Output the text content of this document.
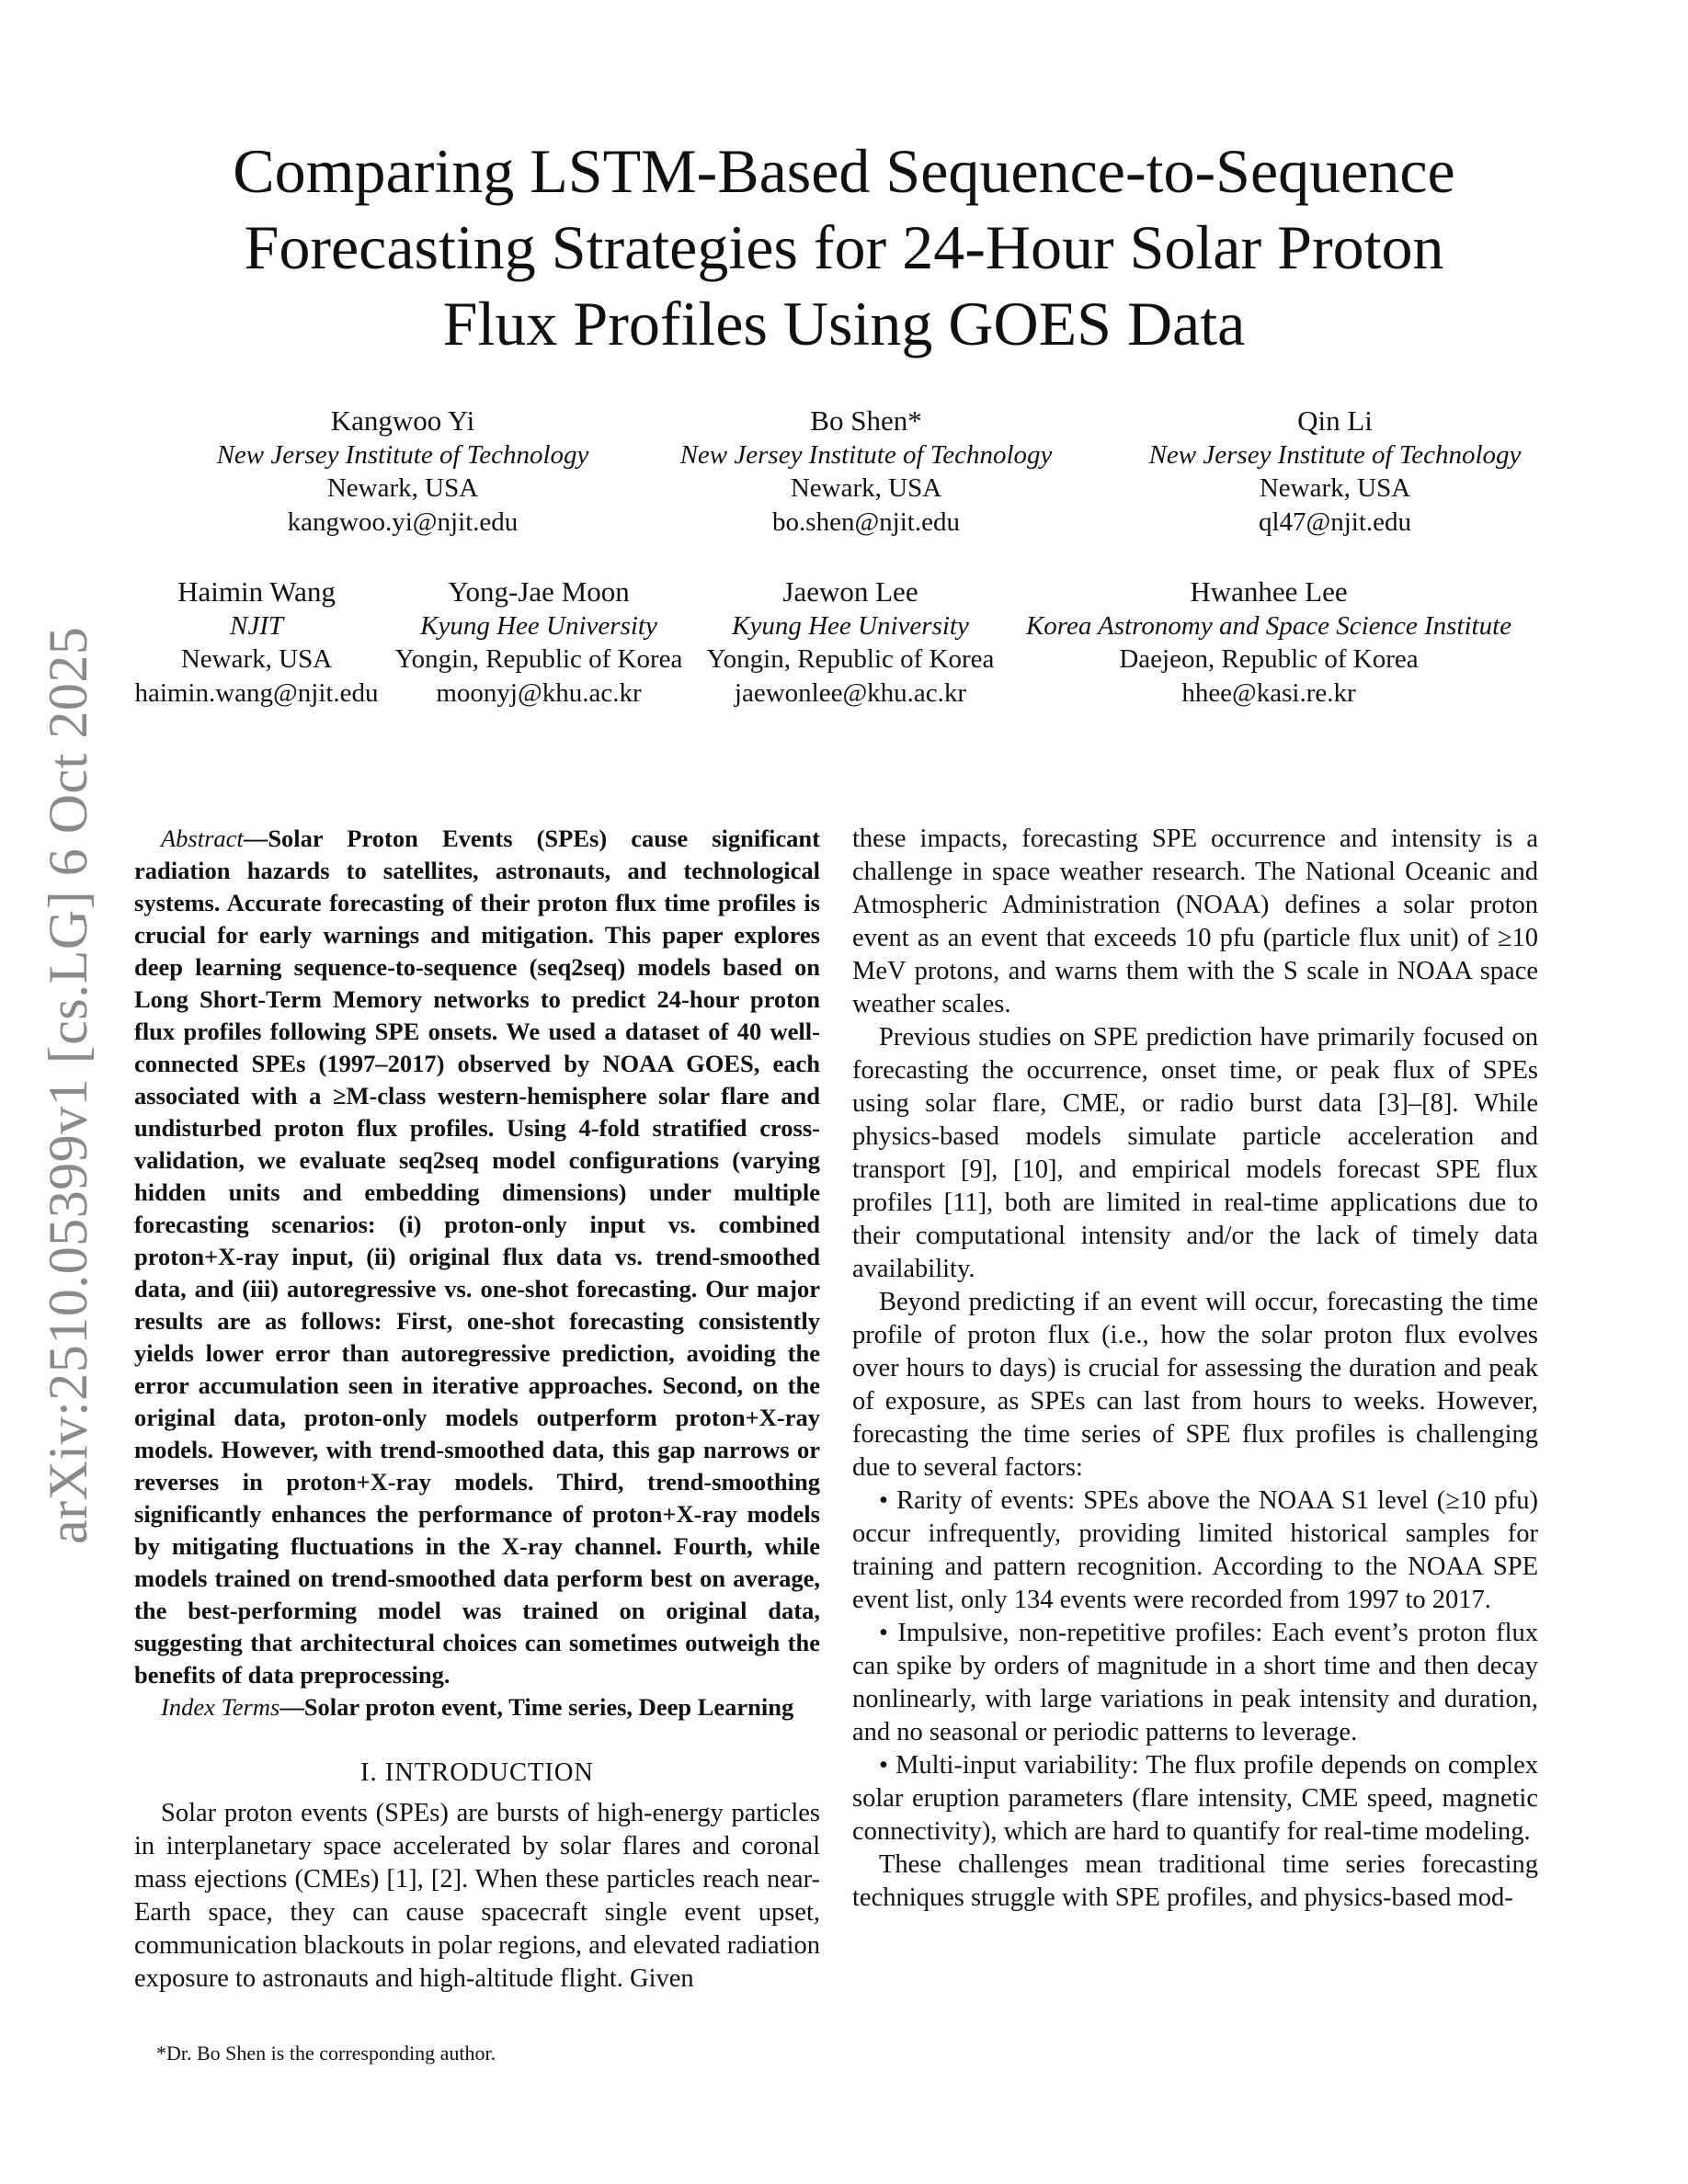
Comparing LSTM-Based Sequence-to-Sequence
Forecasting Strategies for 24-Hour Solar Proton
Flux Profiles Using GOES Data
Kangwoo Yi
New Jersey Institute of Technology
Newark, USA
kangwoo.yi@njit.edu
Bo Shen*
New Jersey Institute of Technology
Newark, USA
bo.shen@njit.edu
Qin Li
New Jersey Institute of Technology
Newark, USA
ql47@njit.edu
Haimin Wang
NJIT
Newark, USA
haimin.wang@njit.edu
Yong-Jae Moon
Kyung Hee University
Yongin, Republic of Korea
moonyj@khu.ac.kr
Jaewon Lee
Kyung Hee University
Yongin, Republic of Korea
jaewonlee@khu.ac.kr
Hwanhee Lee
Korea Astronomy and Space Science Institute
Daejeon, Republic of Korea
hhee@kasi.re.kr
arXiv:2510.05399v1 [cs.LG] 6 Oct 2025	Abstract—Solar Proton Events (SPEs) cause significant radiation hazards to satellites, astronauts, and technological systems. Accurate forecasting of their proton flux time profiles is crucial for early warnings and mitigation. This paper explores deep learning sequence-to-sequence (seq2seq) models based on Long Short-Term Memory networks to predict 24-hour proton flux profiles following SPE onsets. We used a dataset of 40 well-connected SPEs (1997–2017) observed by NOAA GOES, each associated with a ≥M-class western-hemisphere solar flare and undisturbed proton flux profiles. Using 4-fold stratified cross-validation, we evaluate seq2seq model configurations (varying hidden units and embedding dimensions) under multiple forecasting scenarios: (i) proton-only input vs. combined proton+X-ray input, (ii) original flux data vs. trend-smoothed data, and (iii) autoregressive vs. one-shot forecasting. Our major results are as follows: First, one-shot forecasting consistently yields lower error than autoregressive prediction, avoiding the error accumulation seen in iterative approaches. Second, on the original data, proton-only models outperform proton+X-ray models. However, with trend-smoothed data, this gap narrows or reverses in proton+X-ray models. Third, trend-smoothing significantly enhances the performance of proton+X-ray models by mitigating fluctuations in the X-ray channel. Fourth, while models trained on trend-smoothed data perform best on average, the best-performing model was trained on original data, suggesting that architectural choices can sometimes outweigh the benefits of data preprocessing.

Index Terms—Solar proton event, Time series, Deep Learning

I. INTRODUCTION

Solar proton events (SPEs) are bursts of high-energy particles in interplanetary space accelerated by solar flares and coronal mass ejections (CMEs) [1], [2]. When these particles reach near-Earth space, they can cause spacecraft single event upset, communication blackouts in polar regions, and elevated radiation exposure to astronauts and high-altitude flight. Given

*Dr. Bo Shen is the corresponding author.

these impacts, forecasting SPE occurrence and intensity is a challenge in space weather research. The National Oceanic and Atmospheric Administration (NOAA) defines a solar proton event as an event that exceeds 10 pfu (particle flux unit) of ≥10 MeV protons, and warns them with the S scale in NOAA space weather scales.

Previous studies on SPE prediction have primarily focused on forecasting the occurrence, onset time, or peak flux of SPEs using solar flare, CME, or radio burst data [3]–[8]. While physics-based models simulate particle acceleration and transport [9], [10], and empirical models forecast SPE flux profiles [11], both are limited in real-time applications due to their computational intensity and/or the lack of timely data availability.

Beyond predicting if an event will occur, forecasting the time profile of proton flux (i.e., how the solar proton flux evolves over hours to days) is crucial for assessing the duration and peak of exposure, as SPEs can last from hours to weeks. However, forecasting the time series of SPE flux profiles is challenging due to several factors:

• Rarity of events: SPEs above the NOAA S1 level (≥10 pfu) occur infrequently, providing limited historical samples for training and pattern recognition. According to the NOAA SPE event list, only 134 events were recorded from 1997 to 2017.

• Impulsive, non-repetitive profiles: Each event’s proton flux can spike by orders of magnitude in a short time and then decay nonlinearly, with large variations in peak intensity and duration, and no seasonal or periodic patterns to leverage.

• Multi-input variability: The flux profile depends on complex solar eruption parameters (flare intensity, CME speed, magnetic connectivity), which are hard to quantify for real-time modeling.

These challenges mean traditional time series forecasting techniques struggle with SPE profiles, and physics-based mod-
